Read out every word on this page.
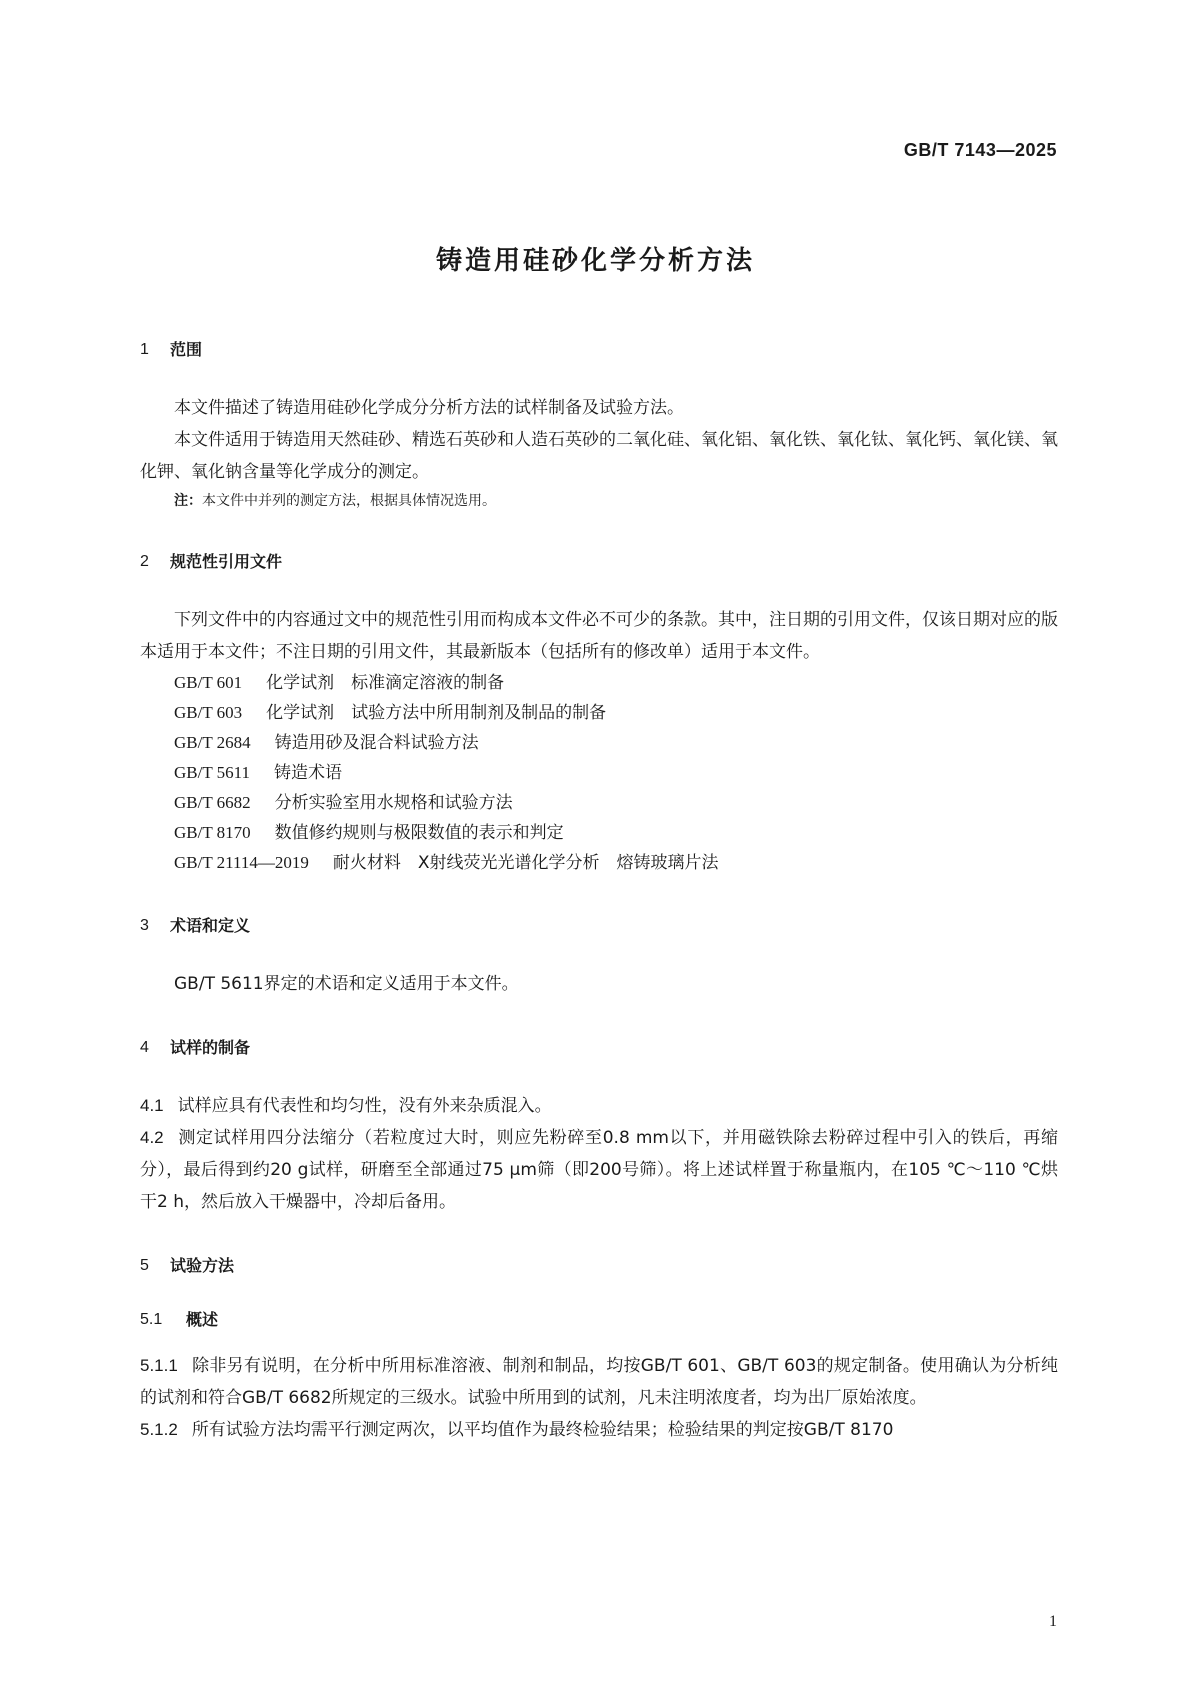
GB/T 7143—2025
铸造用硅砂化学分析方法
1	范围

本文件描述了铸造用硅砂化学成分分析方法的试样制备及试验方法。

本文件适用于铸造用天然硅砂、精选石英砂和人造石英砂的二氧化硅、氧化铝、氧化铁、氧化钛、氧化钙、氧化镁、氧化钾、氧化钠含量等化学成分的测定。

注：本文件中并列的测定方法，根据具体情况选用。

2	规范性引用文件

下列文件中的内容通过文中的规范性引用而构成本文件必不可少的条款。其中，注日期的引用文件，仅该日期对应的版本适用于本文件；不注日期的引用文件，其最新版本（包括所有的修改单）适用于本文件。

GB/T 601 化学试剂　标准滴定溶液的制备
GB/T 603 化学试剂　试验方法中所用制剂及制品的制备
GB/T 2684 铸造用砂及混合料试验方法
GB/T 5611 铸造术语
GB/T 6682 分析实验室用水规格和试验方法
GB/T 8170 数值修约规则与极限数值的表示和判定
GB/T 21114—2019 耐火材料　X射线荧光光谱化学分析　熔铸玻璃片法
3	术语和定义

GB/T 5611界定的术语和定义适用于本文件。

4	试样的制备

4.1 试样应具有代表性和均匀性，没有外来杂质混入。

4.2 测定试样用四分法缩分（若粒度过大时，则应先粉碎至0.8 mm以下，并用磁铁除去粉碎过程中引入的铁后，再缩分），最后得到约20 g试样，研磨至全部通过75 μm筛（即200号筛）。将上述试样置于称量瓶内，在105 ℃～110 ℃烘干2 h，然后放入干燥器中，冷却后备用。

5	试验方法
5.1	概述

5.1.1 除非另有说明，在分析中所用标准溶液、制剂和制品，均按GB/T 601、GB/T 603的规定制备。使用确认为分析纯的试剂和符合GB/T 6682所规定的三级水。试验中所用到的试剂，凡未注明浓度者，均为出厂原始浓度。

5.1.2 所有试验方法均需平行测定两次，以平均值作为最终检验结果；检验结果的判定按GB/T 8170

1
